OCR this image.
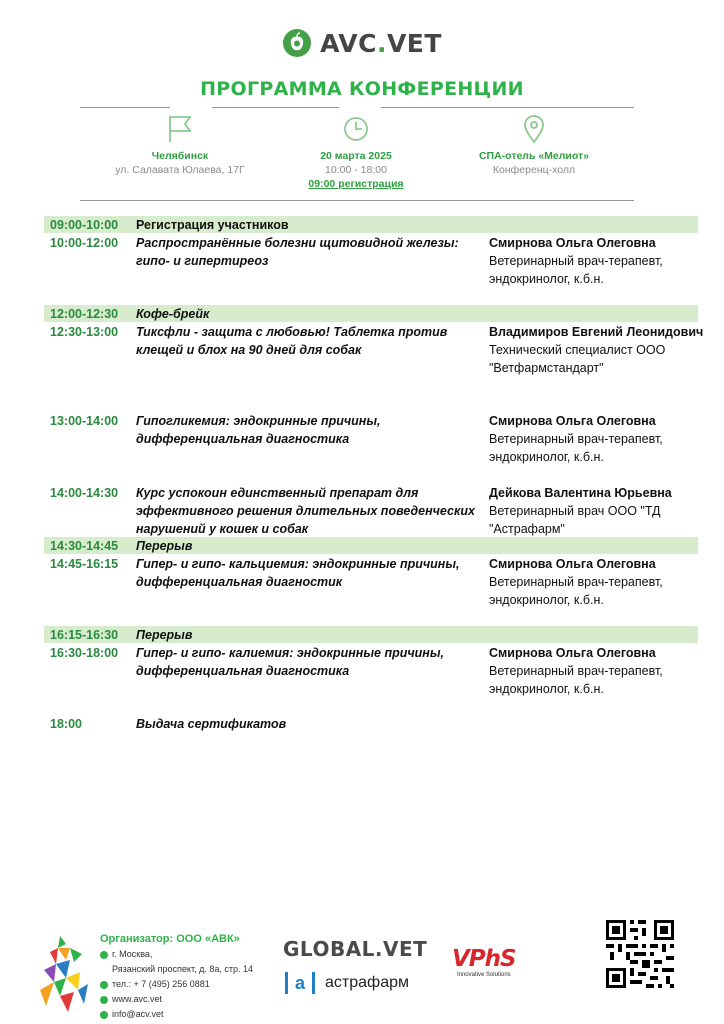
AVC.VET
ПРОГРАММА КОНФЕРЕНЦИИ
Челябинск
ул. Салавата Юлаева, 17Г
20 марта 2025
10:00 - 18:00
09:00 регистрация
СПА-отель «Мелиот»
Конференц-холл
09:00-10:00 Регистрация участников
10:00-12:00 Распространённые болезни щитовидной железы: гипо- и гипертиреоз
Смирнова Ольга Олеговна
Ветеринарный врач-терапевт, эндокринолог, к.б.н.
12:00-12:30 Кофе-брейк
12:30-13:00 Тиксфли - защита с любовью! Таблетка против клещей и блох на 90 дней для собак
Владимиров Евгений Леонидович
Технический специалист ООО "Ветфармстандарт"
13:00-14:00 Гипогликемия: эндокринные причины, дифференциальная диагностика
Смирнова Ольга Олеговна
Ветеринарный врач-терапевт, эндокринолог, к.б.н.
14:00-14:30 Курс успокоин единственный препарат для эффективного решения длительных поведенческих нарушений у кошек и собак
Дейкова Валентина Юрьевна
Ветеринарный врач ООО "ТД "Астрафарм"
14:30-14:45 Перерыв
14:45-16:15 Гипер- и гипо- кальциемия: эндокринные причины, дифференциальная диагностик
Смирнова Ольга Олеговна
Ветеринарный врач-терапевт, эндокринолог, к.б.н.
16:15-16:30 Перерыв
16:30-18:00 Гипер- и гипо- калиемия: эндокринные причины, дифференциальная диагностика
Смирнова Ольга Олеговна
Ветеринарный врач-терапевт, эндокринолог, к.б.н.
18:00	Выдача сертификатов
Организатор: ООО «АВК»
г. Москва,
Рязанский проспект, д. 8а, стр. 14
тел.: + 7 (495) 256 0881
www.avc.vet
info@acv.vet
GLOBAL.VET
a	астрафарм
VPhS
Innovative Solutions
